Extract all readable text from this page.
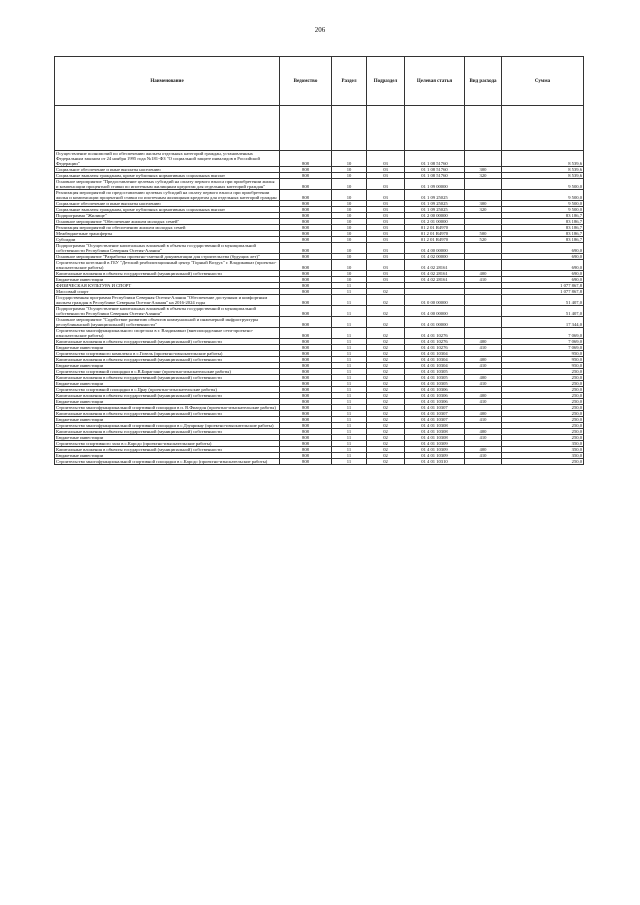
206
Наименование	Ведомство	Раздел	Подраздел	Целевая статья	Вид расхода	Сумма

Осуществление полномочий по обеспечению жильем отдельных категорий граждан, установленных Федеральным законом от 24 ноября 1995 года №181-ФЗ "О социальной защите инвалидов в Российской Федерации"	808	10	03	01 1 08 51760		8 539,6
Социальное обеспечение и иные выплаты населению	808	10	03	01 1 08 51760	300	8 539,6
Социальные выплаты гражданам, кроме публичных нормативных социальных выплат	808	10	03	01 1 08 51760	320	8 539,6
Основное мероприятие "Предоставление целевых субсидий на оплату первого взноса при приобретении жилья и компенсации процентной ставки по ипотечным жилищным кредитам для отдельных категорий граждан"	808	10	03	01 1 09 00000		9 500,0
Реализация мероприятий по предоставлению целевых субсидий на оплату первого взноса при приобретении жилья и компенсации процентной ставки по ипотечным жилищным кредитам для отдельных категорий граждан	808	10	03	01 1 09 25025		9 500,0
Социальное обеспечение и иные выплаты населению	808	10	03	01 1 09 25025	300	9 500,0
Социальные выплаты гражданам, кроме публичных нормативных социальных выплат	808	10	03	01 1 09 25025	320	9 500,0
Подпрограмма "Жилище"	808	10	03	01 2 00 00000		83 186,7
Основное мероприятие "Обеспечение жильем молодых семей"	808	10	03	01 2 01 00000		83 186,7
Реализация мероприятий по обеспечению жильем молодых семей	808	10	03	01 2 01 R4970		83 186,7
Межбюджетные трансферты	808	10	03	01 2 01 R4970	500	83 186,7
Субсидии	808	10	03	01 2 01 R4970	520	83 186,7
Подпрограмма "Осуществление капитальных вложений в объекты государственной и муниципальной собственности Республики Северная Осетия-Алания"	808	10	03	01 4 00 00000		690,0
Основное мероприятие "Разработка проектно-сметной документации для строительства (будущих лет)"	808	10	03	01 4 02 00000		690,0
Строительство котельной в ГБУ "Детский реабилитационный центр "Горный Воздух" г. Владикавказ (проектно-изыскательские работы)	808	10	03	01 4 02 28161		690,0
Капитальные вложения в объекты государственной (муниципальной) собственности	808	10	03	01 4 02 28161	400	690,0
Бюджетные инвестиции	808	10	03	01 4 02 28161	410	690,0
ФИЗИЧЕСКАЯ КУЛЬТУРА И СПОРТ	808	11				1 077 867,8
Массовый спорт	808	11	02			1 077 867,8
Государственная программа Республики Северная Осетия-Алания "Обеспечение доступным и комфортным жильем граждан в Республике Северная Осетия-Алания" на 2016-2024 годы	808	11	02	01 0 00 00000		51 407,0
Подпрограмма "Осуществление капитальных вложений в объекты государственной и муниципальной собственности Республики Северная Осетия-Алания"	808	11	02	01 4 00 00000		51 407,0
Основное мероприятие "Содействие развитию объектов коммунальной и инженерной инфраструктуры республиканской (муниципальной) собственности"	808	11	02	01 4 01 00000		17 344,0
Строительство многофункционального спортзала в г. Владикавказ (внеплощадочные сети-проектно-изыскательские работы)	808	11	02	01 4 01 10276		7 069,0
Капитальные вложения в объекты государственной (муниципальной) собственности	808	11	02	01 4 01 10276	400	7 069,0
Бюджетные инвестиции	808	11	02	01 4 01 10276	410	7 069,0
Строительство спортивного комплекса в с.Гизель (проектно-изыскательские работы)	808	11	02	01 4 01 10304		950,0
Капитальные вложения в объекты государственной (муниципальной) собственности	808	11	02	01 4 01 10304	400	950,0
Бюджетные инвестиции	808	11	02	01 4 01 10304	410	950,0
Строительство спортивной площадки в с.В.Бирагзанг (проектно-изыскательские работы)	808	11	02	01 4 01 10305		250,0
Капитальные вложения в объекты государственной (муниципальной) собственности	808	11	02	01 4 01 10305	400	250,0
Бюджетные инвестиции	808	11	02	01 4 01 10305	410	250,0
Строительство спортивной площадки в с.Црау (проектно-изыскательские работы)	808	11	02	01 4 01 10306		250,0
Капитальные вложения в объекты государственной (муниципальной) собственности	808	11	02	01 4 01 10306	400	250,0
Бюджетные инвестиции	808	11	02	01 4 01 10306	410	250,0
Строительство многофункциональной спортивной площадки в п. В.Фиагдон (проектно-изыскательские работы)	808	11	02	01 4 01 10307		250,0
Капитальные вложения в объекты государственной (муниципальной) собственности	808	11	02	01 4 01 10307	400	250,0
Бюджетные инвестиции	808	11	02	01 4 01 10307	410	250,0
Строительство многофункциональной спортивной площадки в с.Дзуарикау (проектно-изыскательские работы)	808	11	02	01 4 01 10308		250,0
Капитальные вложения в объекты государственной (муниципальной) собственности	808	11	02	01 4 01 10308	400	250,0
Бюджетные инвестиции	808	11	02	01 4 01 10308	410	250,0
Строительство спортивного зала в с.Карсдо (проектно-изыскательские работы)	808	11	02	01 4 01 10309		350,0
Капитальные вложения в объекты государственной (муниципальной) собственности	808	11	02	01 4 01 10309	400	350,0
Бюджетные инвестиции	808	11	02	01 4 01 10309	410	350,0
Строительство многофункциональной спортивной площадки в с.Карсдо (проектно-изыскательские работы)	808	11	02	01 4 01 10310		250,0
